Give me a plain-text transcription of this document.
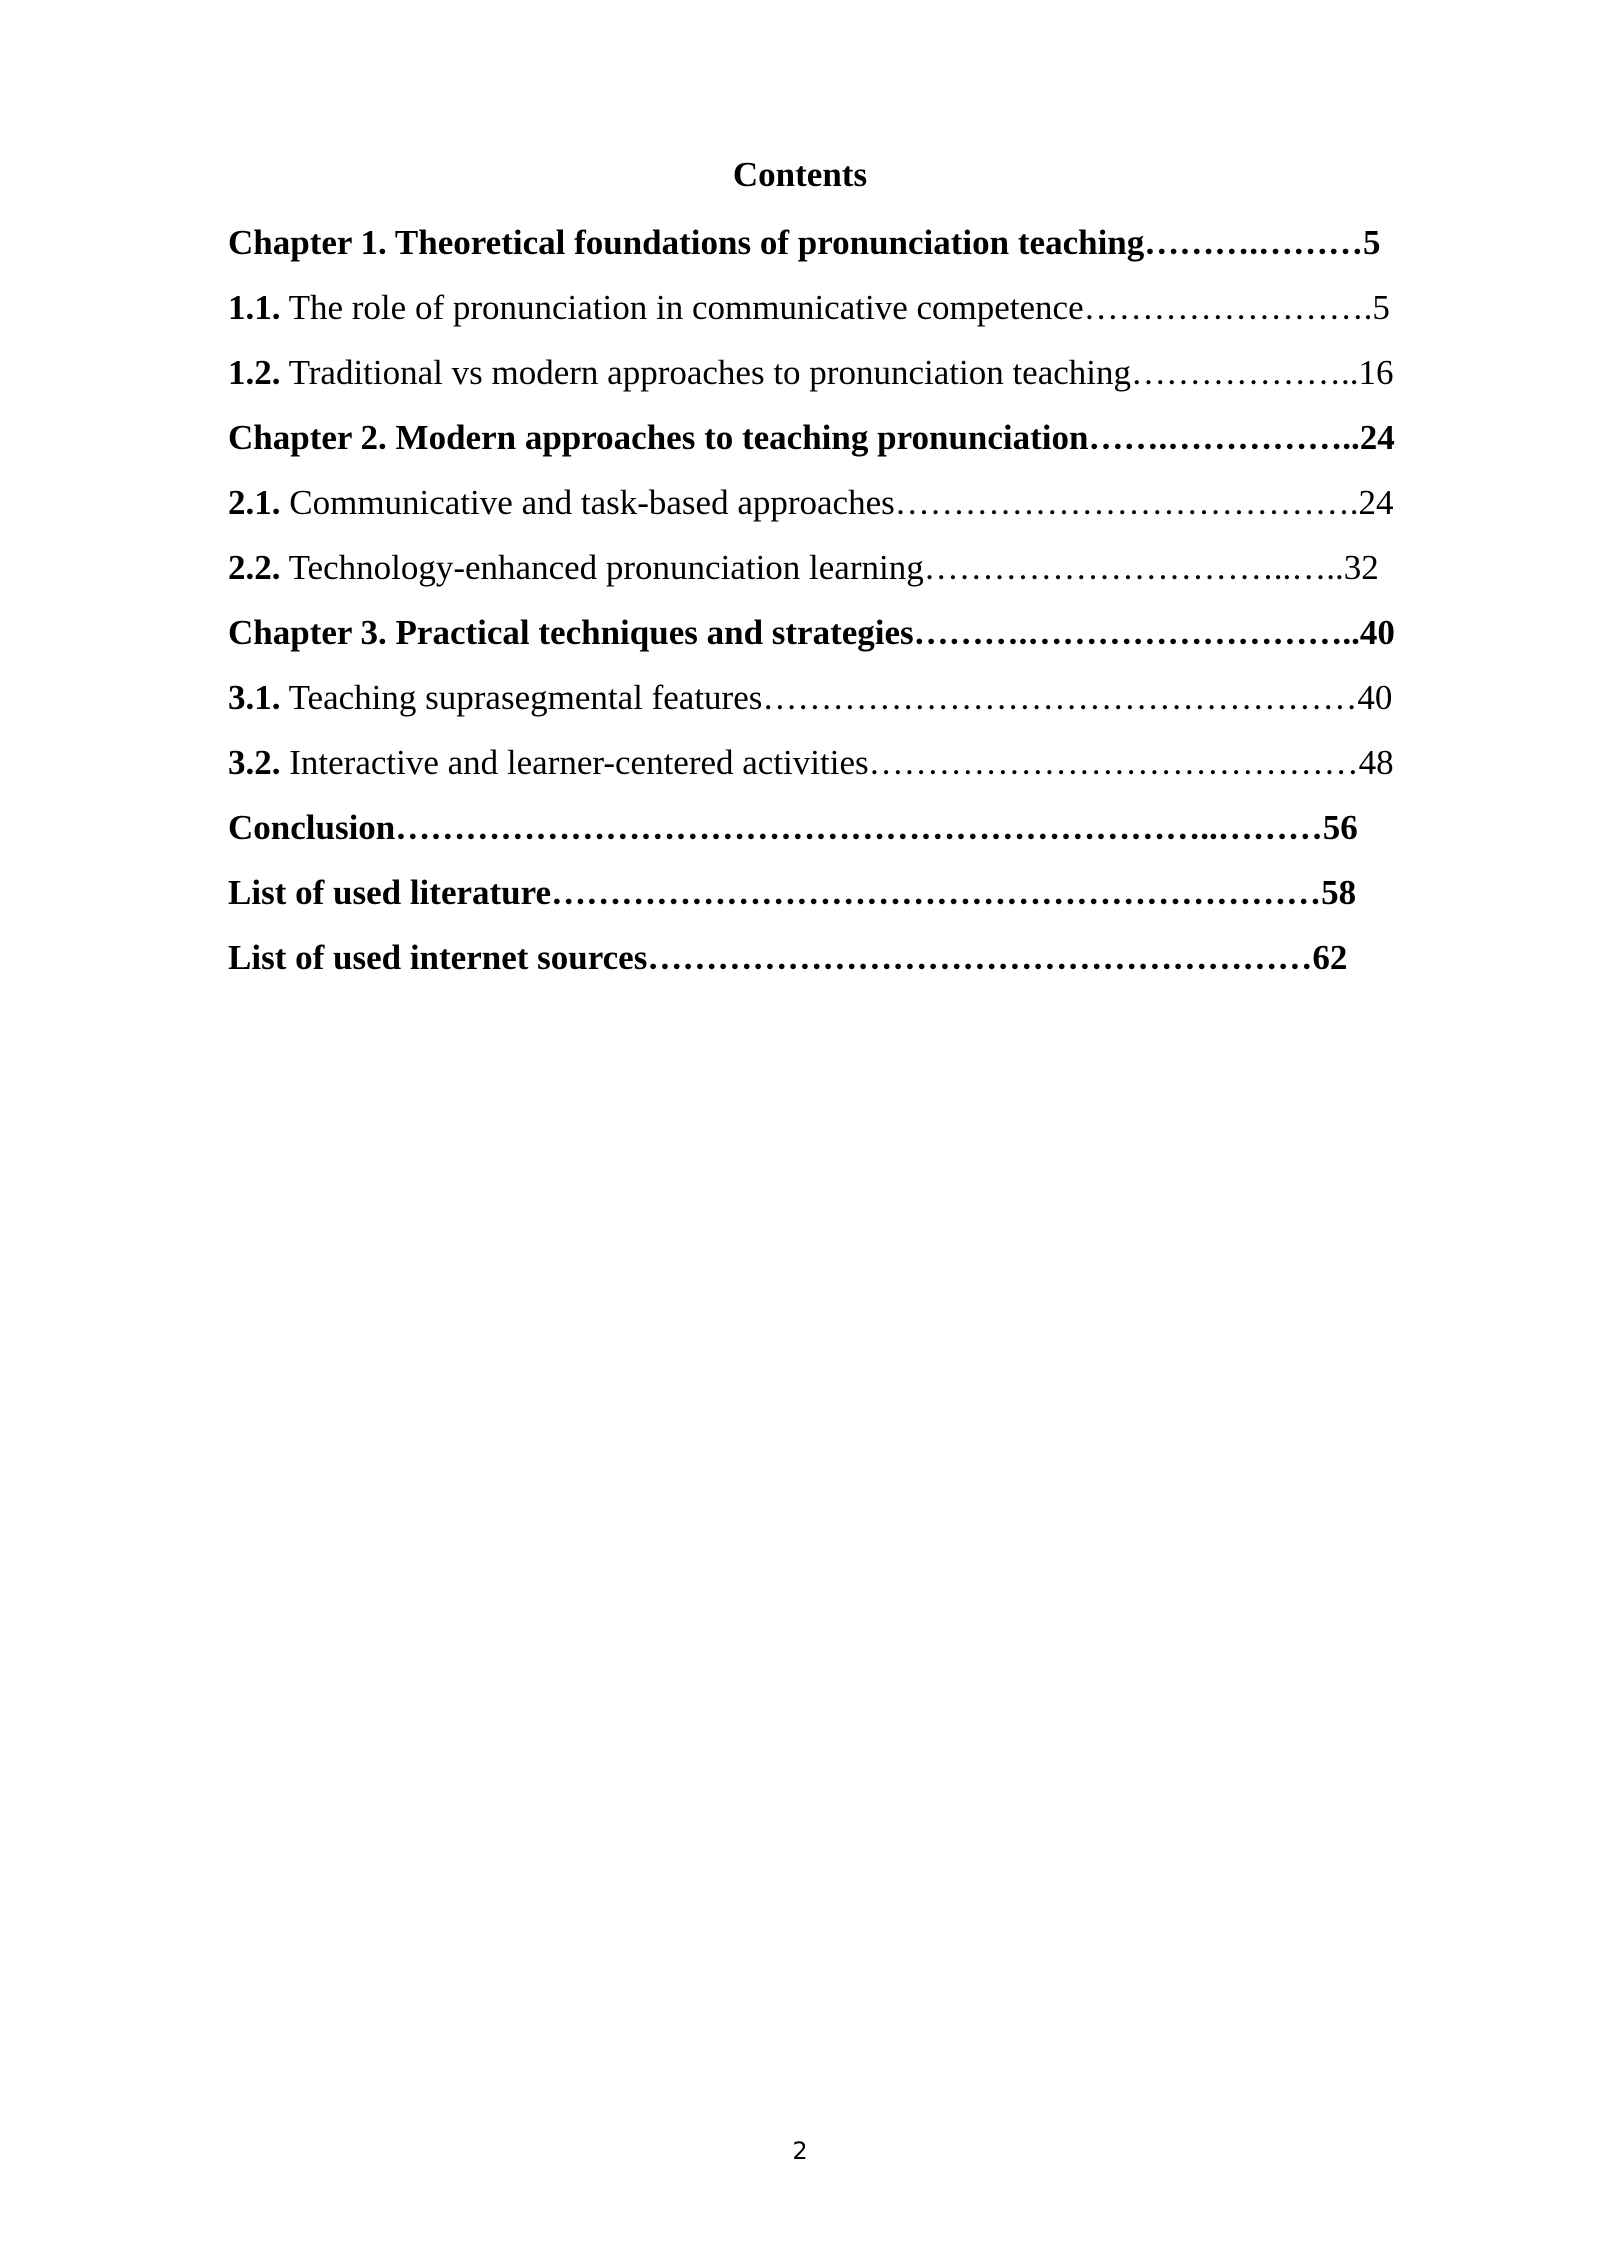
Contents
Chapter 1. Theoretical foundations of pronunciation teaching……….………5
1.1. The role of pronunciation in communicative competence…………………….5
1.2. Traditional vs modern approaches to pronunciation teaching………………..16
Chapter 2. Modern approaches to teaching pronunciation…….……………..24
2.1. Communicative and task-based approaches………………………………….24
2.2. Technology-enhanced pronunciation learning…………………………..…..32
Chapter 3. Practical techniques and strategies……….………………………..40
3.1. Teaching suprasegmental features……………………………………………40
3.2. Interactive and learner-centered activities……………………………………48
Conclusion……………………………………………………………..………56
List of used literature…………………………………………………………58
List of used internet sources…………………………………………………62
2
